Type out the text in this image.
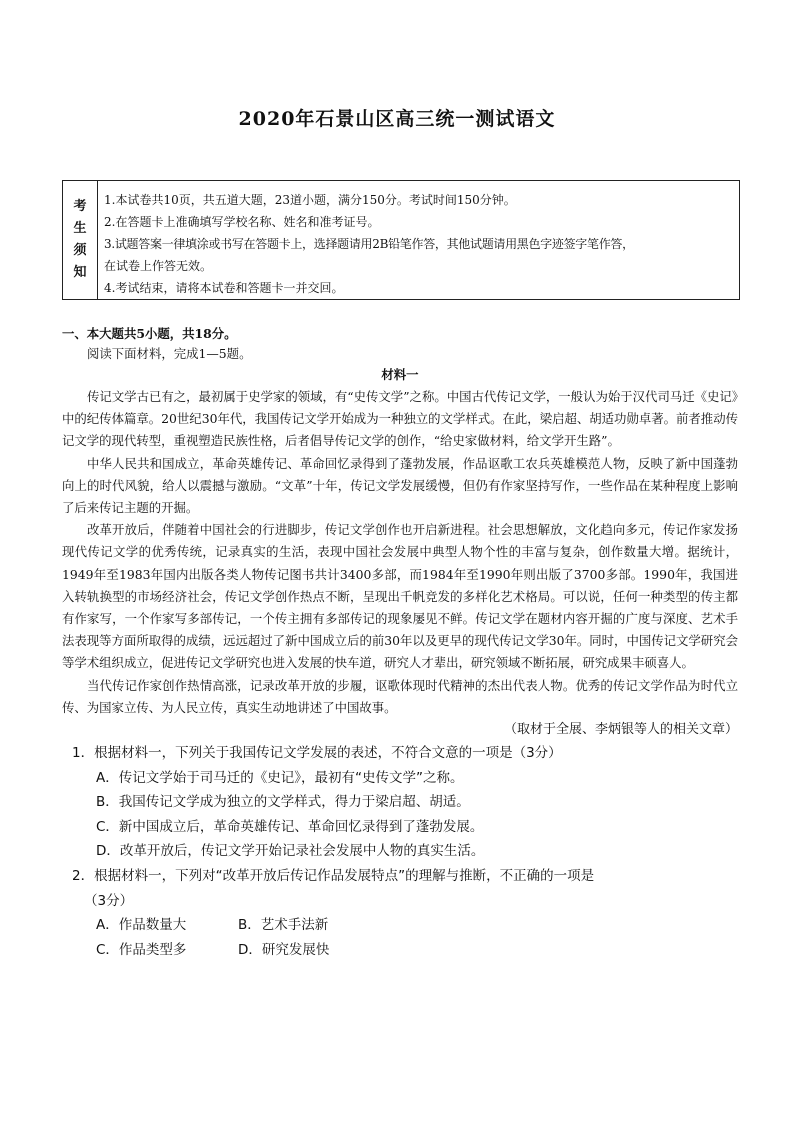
2020年石景山区高三统一测试语文
考
生
须
知
1.本试卷共10页，共五道大题，23道小题，满分150分。考试时间150分钟。
2.在答题卡上准确填写学校名称、姓名和准考证号。
3.试题答案一律填涂或书写在答题卡上，选择题请用2B铅笔作答，其他试题请用黑色字迹签字笔作答，
在试卷上作答无效。
4.考试结束，请将本试卷和答题卡一并交回。
一、本大题共5小题，共18分。
阅读下面材料，完成1—5题。
材料一
传记文学古已有之，最初属于史学家的领域，有“史传文学”之称。中国古代传记文学，一般认为始于汉代司马迁《史记》中的纪传体篇章。20世纪30年代，我国传记文学开始成为一种独立的文学样式。在此，梁启超、胡适功勋卓著。前者推动传记文学的现代转型，重视塑造民族性格，后者倡导传记文学的创作，“给史家做材料，给文学开生路”。
中华人民共和国成立，革命英雄传记、革命回忆录得到了蓬勃发展，作品讴歌工农兵英雄模范人物，反映了新中国蓬勃向上的时代风貌，给人以震撼与激励。“文革”十年，传记文学发展缓慢，但仍有作家坚持写作，一些作品在某种程度上影响了后来传记主题的开掘。
改革开放后，伴随着中国社会的行进脚步，传记文学创作也开启新进程。社会思想解放，文化趋向多元，传记作家发扬现代传记文学的优秀传统，记录真实的生活，表现中国社会发展中典型人物个性的丰富与复杂，创作数量大增。据统计，1949年至1983年国内出版各类人物传记图书共计3400多部，而1984年至1990年则出版了3700多部。1990年，我国进入转轨换型的市场经济社会，传记文学创作热点不断，呈现出千帆竞发的多样化艺术格局。可以说，任何一种类型的传主都有作家写，一个作家写多部传记，一个传主拥有多部传记的现象屡见不鲜。传记文学在题材内容开掘的广度与深度、艺术手法表现等方面所取得的成绩，远远超过了新中国成立后的前30年以及更早的现代传记文学30年。同时，中国传记文学研究会等学术组织成立，促进传记文学研究也进入发展的快车道，研究人才辈出，研究领域不断拓展，研究成果丰硕喜人。
当代传记作家创作热情高涨，记录改革开放的步履，讴歌体现时代精神的杰出代表人物。优秀的传记文学作品为时代立传、为国家立传、为人民立传，真实生动地讲述了中国故事。
（取材于全展、李炳银等人的相关文章）
1．根据材料一，下列关于我国传记文学发展的表述，不符合文意的一项是（3分）
A．传记文学始于司马迁的《史记》，最初有“史传文学”之称。
B．我国传记文学成为独立的文学样式，得力于梁启超、胡适。
C．新中国成立后，革命英雄传记、革命回忆录得到了蓬勃发展。
D．改革开放后，传记文学开始记录社会发展中人物的真实生活。
2．根据材料一，下列对“改革开放后传记作品发展特点”的理解与推断，不正确的一项是
（3分）
A．作品数量大	B．艺术手法新
C．作品类型多	D．研究发展快
